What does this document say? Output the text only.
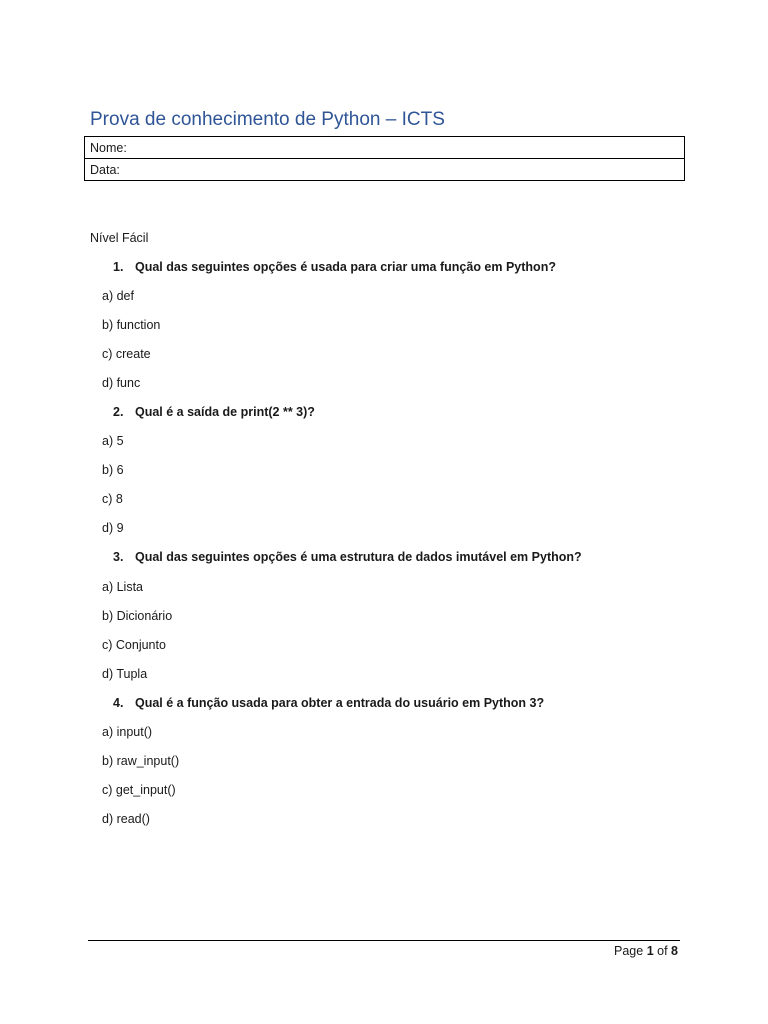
Prova de conhecimento de Python – ICTS
Nome:
Data:
Nível Fácil
1. Qual das seguintes opções é usada para criar uma função em Python?
a) def
b) function
c) create
d) func
2. Qual é a saída de print(2 ** 3)?
a) 5
b) 6
c) 8
d) 9
3. Qual das seguintes opções é uma estrutura de dados imutável em Python?
a) Lista
b) Dicionário
c) Conjunto
d) Tupla
4. Qual é a função usada para obter a entrada do usuário em Python 3?
a) input()
b) raw_input()
c) get_input()
d) read()
Page 1 of 8
